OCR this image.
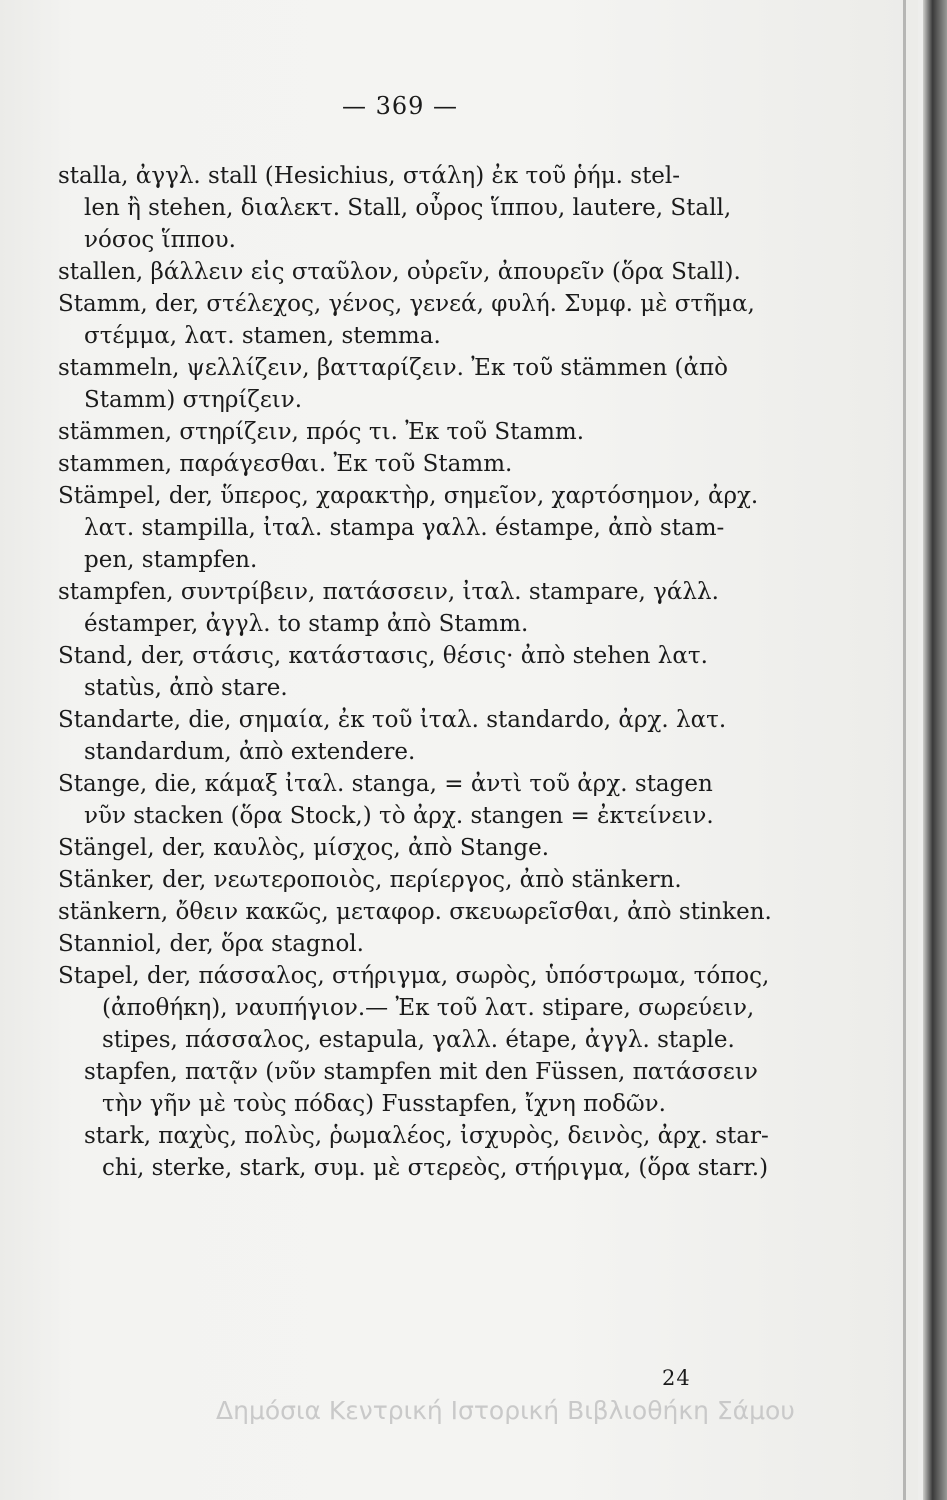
— 369 —
stalla, ἀγγλ. stall (Hesichius, στάλη) ἐκ τοῦ ῥήμ. stel-
len ἢ stehen, διαλεκτ. Stall, οὖρος ἵππου, lautere, Stall,
νόσος ἵππου.
stallen, βάλλειν εἰς σταῦλον, οὐρεῖν, ἀπουρεῖν (ὅρα Stall).
Stamm, der, στέλεχος, γένος, γενεά, φυλή. Συμφ. μὲ στῆμα,
στέμμα, λατ. stamen, stemma.
stammeln, ψελλίζειν, βατταρίζειν. Ἐκ τοῦ stämmen (ἀπὸ
Stamm) στηρίζειν.
stämmen, στηρίζειν, πρός τι. Ἐκ τοῦ Stamm.
stammen, παράγεσθαι. Ἐκ τοῦ Stamm.
Stämpel, der, ὕπερος, χαρακτὴρ, σημεῖον, χαρτόσημον, ἀρχ.
λατ. stampilla, ἰταλ. stampa γαλλ. éstampe, ἀπὸ stam-
pen, stampfen.
stampfen, συντρίβειν, πατάσσειν, ἰταλ. stampare, γάλλ.
éstamper, ἀγγλ. to stamp ἀπὸ Stamm.
Stand, der, στάσις, κατάστασις, θέσις· ἀπὸ stehen λατ.
statùs, ἀπὸ stare.
Standarte, die, σημαία, ἐκ τοῦ ἰταλ. standardo, ἀρχ. λατ.
standardum, ἀπὸ extendere.
Stange, die, κάμαξ ἰταλ. stanga, = ἀντὶ τοῦ ἀρχ. stagen
νῦν stacken (ὅρα Stock,) τὸ ἀρχ. stangen = ἐκτείνειν.
Stängel, der, καυλὸς, μίσχος, ἀπὸ Stange.
Stänker, der, νεωτεροποιὸς, περίεργος, ἀπὸ stänkern.
stänkern, ὄθειν κακῶς, μεταφορ. σκευωρεῖσθαι, ἀπὸ stinken.
Stanniol, der, ὅρα stagnol.
Stapel, der, πάσσαλος, στήριγμα, σωρὸς, ὑπόστρωμα, τόπος,
(ἀποθήκη), ναυπήγιον.— Ἐκ τοῦ λατ. stipare, σωρεύειν,
stipes, πάσσαλος, estapula, γαλλ. étape, ἀγγλ. staple.
stapfen, πατᾷν (νῦν stampfen mit den Füssen, πατάσσειν
τὴν γῆν μὲ τοὺς πόδας) Fusstapfen, ἴχνη ποδῶν.
stark, παχὺς, πολὺς, ῥωμαλέος, ἰσχυρὸς, δεινὸς, ἀρχ. star-
chi, sterke, stark, συμ. μὲ στερεὸς, στήριγμα, (ὅρα starr.)
24
Δημόσια Κεντρική Ιστορική Βιβλιοθήκη Σάμου
